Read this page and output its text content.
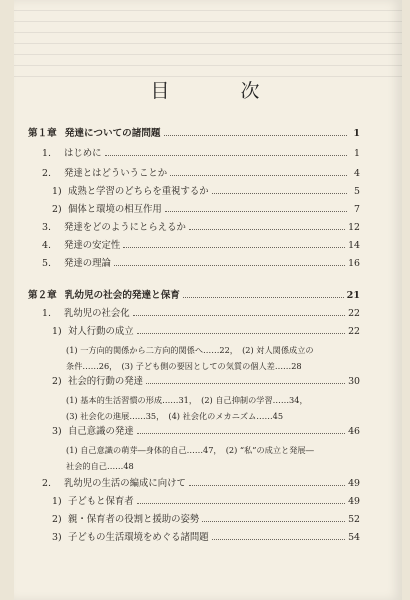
目　次
第１章 発達についての諸問題	1
1.	はじめに	1
2.	発達とはどういうことか	4
1) 成熟と学習のどちらを重視するか	5
2) 個体と環境の相互作用	7
3.	発達をどのようにとらえるか	12
4.	発達の安定性	14
5.	発達の理論	16
第２章 乳幼児の社会的発達と保育	21
1.	乳幼児の社会化	22
1) 対人行動の成立	22
(1) 一方向的関係から二方向的関係へ……22，　(2) 対人関係成立の
条件……26，　(3) 子ども側の要因としての気質の個人差……28
2) 社会的行動の発達	30
(1) 基本的生活習慣の形成……31，　(2) 自己抑制の学習……34，
(3) 社会化の進展……35，　(4) 社会化のメカニズム……45
3) 自己意識の発達	46
(1) 自己意識の萌芽―身体的自己……47，　(2) “私”の成立と発展―
社会的自己……48
2.	乳幼児の生活の編成に向けて	49
1) 子どもと保育者	49
2) 親・保育者の役割と援助の姿勢	52
3) 子どもの生活環境をめぐる諸問題	54
